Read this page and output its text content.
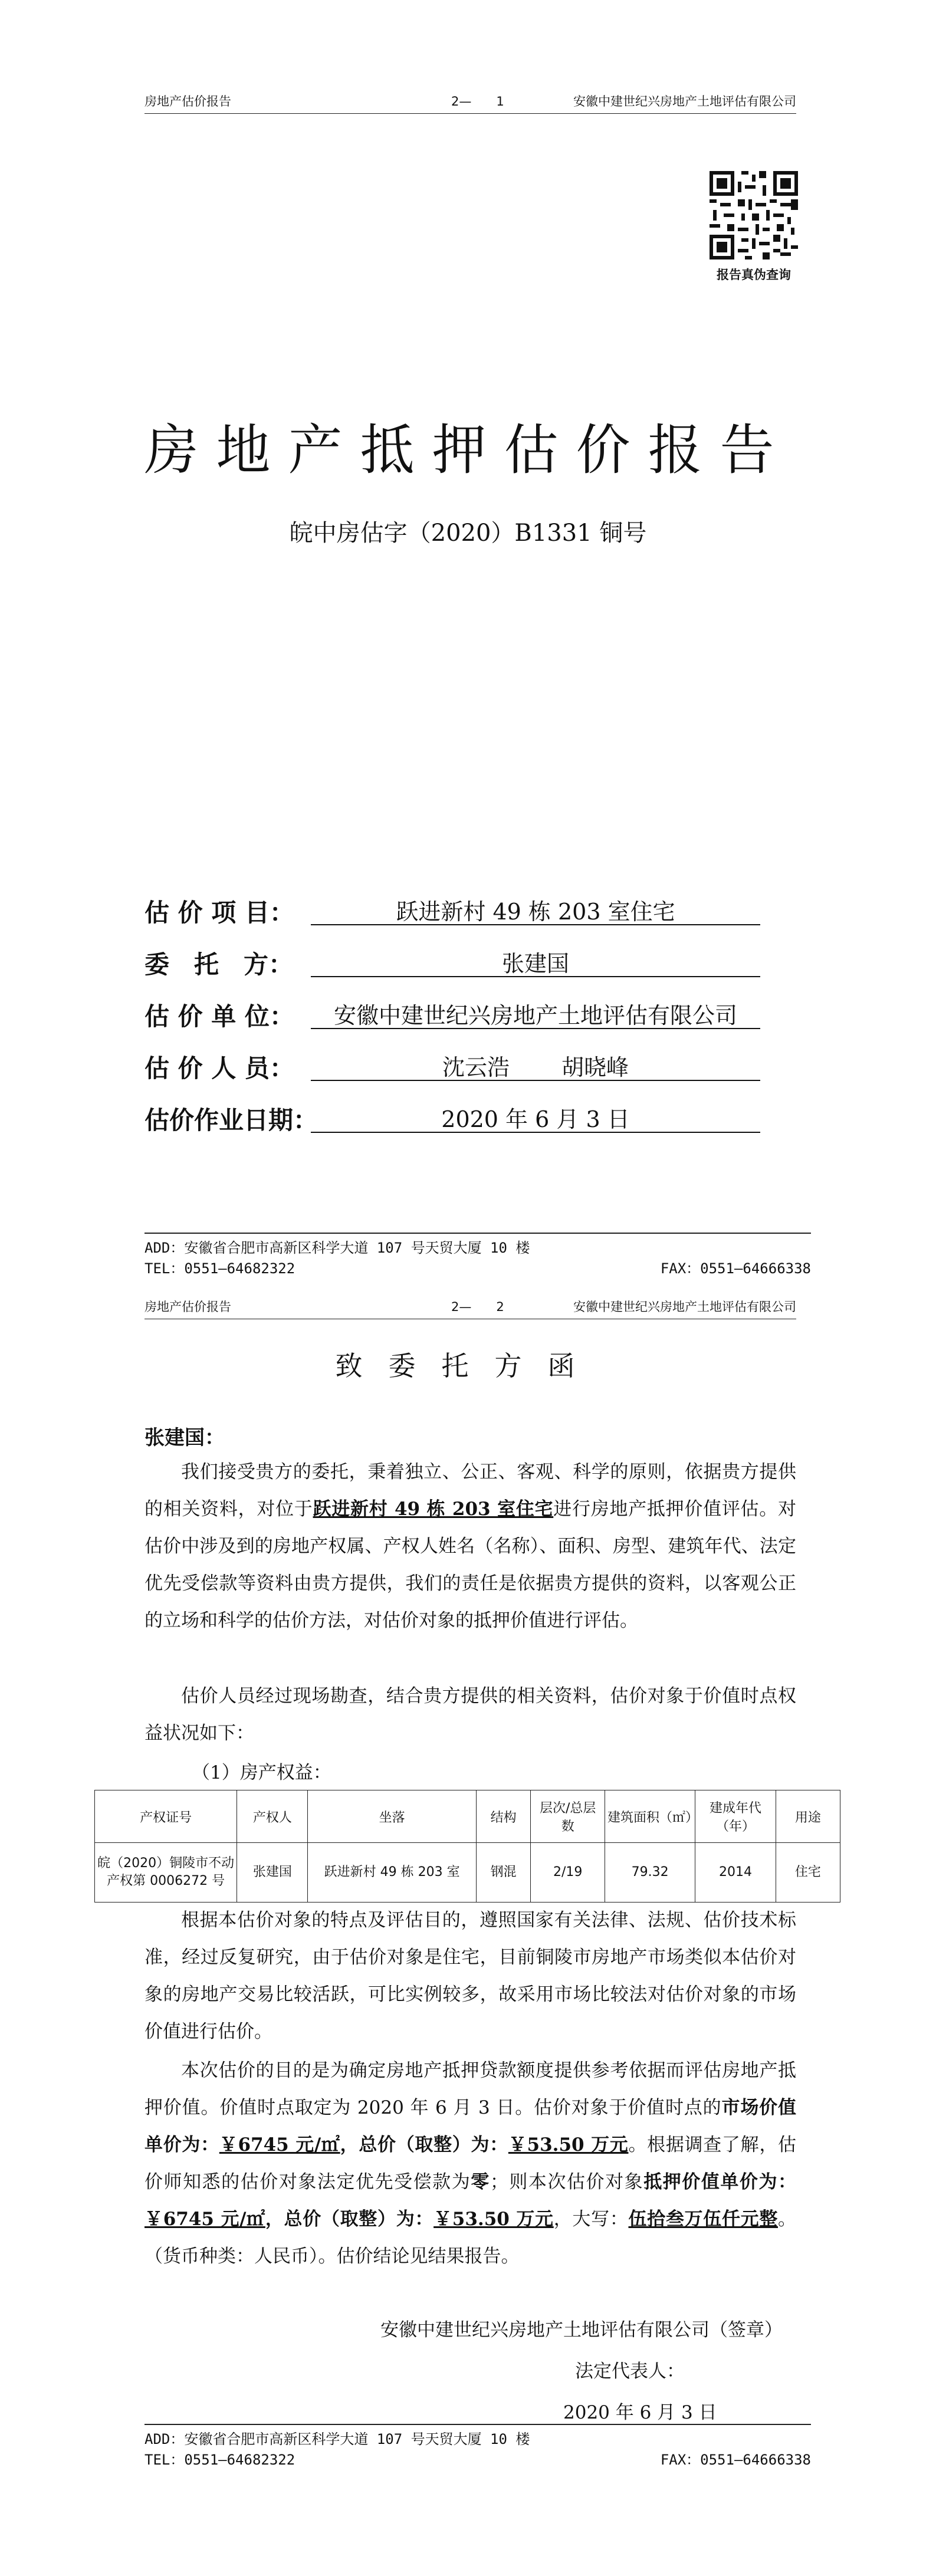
房地产估价报告	2—　　1	安徽中建世纪兴房地产土地评估有限公司
报告真伪查询
房地产抵押估价报告
皖中房估字（2020）B1331 铜号
估 价 项 目：	跃进新村 49 栋 203 室住宅
委　托　方：	张建国
估 价 单 位：	安徽中建世纪兴房地产土地评估有限公司
估 价 人 员：	沈云浩　　 胡晓峰
估价作业日期：	2020 年 6 月 3 日
ADD：安徽省合肥市高新区科学大道 107 号天贸大厦 10 楼
TEL：0551—64682322	FAX：0551—64666338
房地产估价报告	2—　　2	安徽中建世纪兴房地产土地评估有限公司
致委托方函
张建国：
我们接受贵方的委托，秉着独立、公正、客观、科学的原则，依据贵方提供的相关资料，对位于跃进新村 49 栋 203 室住宅进行房地产抵押价值评估。对估价中涉及到的房地产权属、产权人姓名（名称）、面积、房型、建筑年代、法定优先受偿款等资料由贵方提供，我们的责任是依据贵方提供的资料，以客观公正的立场和科学的估价方法，对估价对象的抵押价值进行评估。
估价人员经过现场勘查，结合贵方提供的相关资料，估价对象于价值时点权益状况如下：
（1）房产权益：
产权证号	产权人	坐落	结构	层次/总层数	建筑面积（㎡）	建成年代（年）	用途
皖（2020）铜陵市不动产权第 0006272 号	张建国	跃进新村 49 栋 203 室	钢混	2/19	79.32	2014	住宅
根据本估价对象的特点及评估目的，遵照国家有关法律、法规、估价技术标准，经过反复研究，由于估价对象是住宅，目前铜陵市房地产市场类似本估价对象的房地产交易比较活跃，可比实例较多，故采用市场比较法对估价对象的市场价值进行估价。
本次估价的目的是为确定房地产抵押贷款额度提供参考依据而评估房地产抵押价值。价值时点取定为 2020 年 6 月 3 日。估价对象于价值时点的市场价值单价为：￥6745 元/㎡，总价（取整）为：￥53.50 万元。根据调查了解，估价师知悉的估价对象法定优先受偿款为零；则本次估价对象抵押价值单价为：￥6745 元/㎡，总价（取整）为：￥53.50 万元，大写：伍拾叁万伍仟元整。（货币种类：人民币）。估价结论见结果报告。
安徽中建世纪兴房地产土地评估有限公司（签章）
法定代表人：
2020 年 6 月 3 日
ADD：安徽省合肥市高新区科学大道 107 号天贸大厦 10 楼
TEL：0551—64682322	FAX：0551—64666338
